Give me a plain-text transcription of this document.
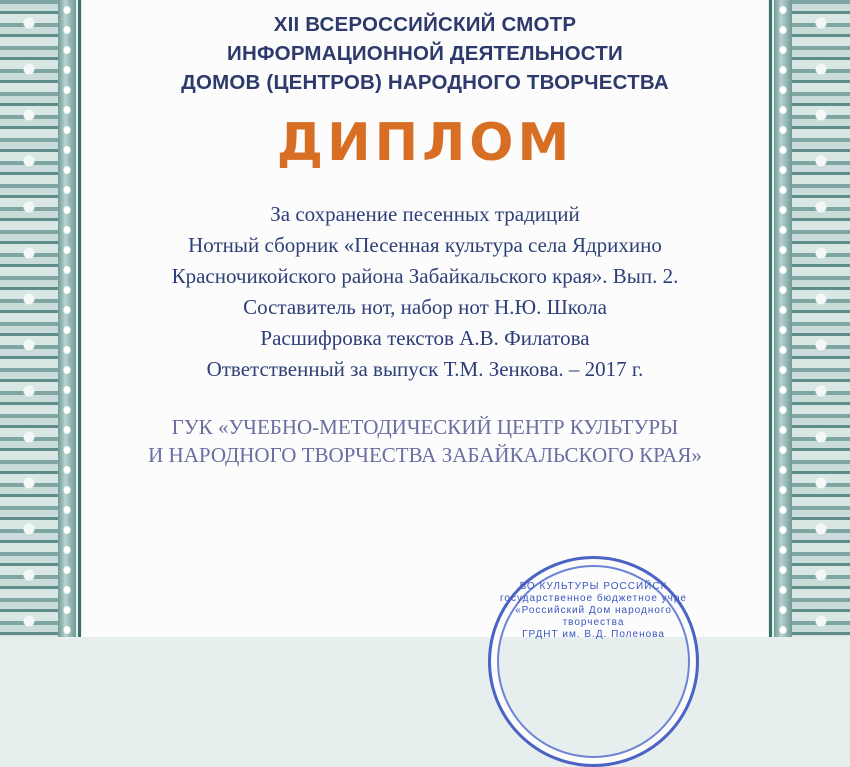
XII ВСЕРОССИЙСКИЙ СМОТР
ИНФОРМАЦИОННОЙ ДЕЯТЕЛЬНОСТИ
ДОМОВ (ЦЕНТРОВ) НАРОДНОГО ТВОРЧЕСТВА
ДИПЛОМ
За сохранение песенных традиций
Нотный сборник «Песенная культура села Ядрихино
Красночикойского района Забайкальского края». Вып. 2.
Составитель нот, набор нот Н.Ю. Школа
Расшифровка текстов А.В. Филатова
Ответственный за выпуск Т.М. Зенкова. – 2017 г.
ГУК «УЧЕБНО-МЕТОДИЧЕСКИЙ ЦЕНТР КУЛЬТУРЫ
И НАРОДНОГО ТВОРЧЕСТВА ЗАБАЙКАЛЬСКОГО КРАЯ»
ВО КУЛЬТУРЫ РОССИЙСК
государственное бюджетное учре
«Российский Дом народного творчества
ГРДНТ им. В.Д. Поленова
